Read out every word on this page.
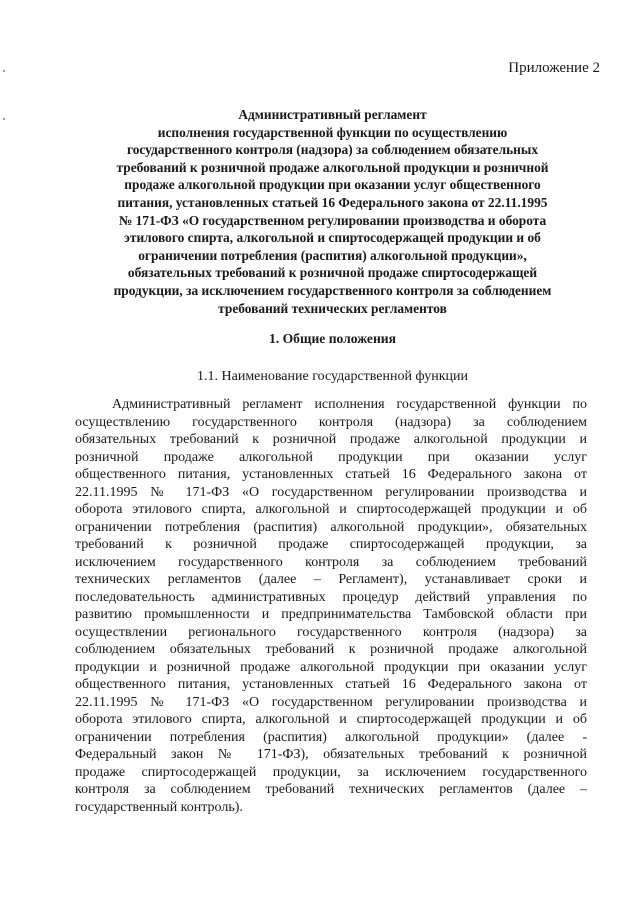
Приложение 2
Административный регламент
исполнения государственной функции по осуществлению
государственного контроля (надзора) за соблюдением обязательных
требований к розничной продаже алкогольной продукции и розничной
продаже алкогольной продукции при оказании услуг общественного
питания, установленных статьей 16 Федерального закона от 22.11.1995
№ 171-ФЗ «О государственном регулировании производства и оборота
этилового спирта, алкогольной и спиртосодержащей продукции и об
ограничении потребления (распития) алкогольной продукции»,
обязательных требований к розничной продаже спиртосодержащей
продукции, за исключением государственного контроля за соблюдением
требований технических регламентов
1. Общие положения
1.1. Наименование государственной функции
Административный регламент исполнения государственной функции по
осуществлению государственного контроля (надзора) за соблюдением
обязательных требований к розничной продаже алкогольной продукции и
розничной продаже алкогольной продукции при оказании услуг
общественного питания, установленных статьей 16 Федерального закона от
22.11.1995 № 171-ФЗ «О государственном регулировании производства и
оборота этилового спирта, алкогольной и спиртосодержащей продукции и об
ограничении потребления (распития) алкогольной продукции», обязательных
требований к розничной продаже спиртосодержащей продукции, за
исключением государственного контроля за соблюдением требований
технических регламентов (далее – Регламент), устанавливает сроки и
последовательность административных процедур действий управления по
развитию промышленности и предпринимательства Тамбовской области при
осуществлении регионального государственного контроля (надзора) за
соблюдением обязательных требований к розничной продаже алкогольной
продукции и розничной продаже алкогольной продукции при оказании услуг
общественного питания, установленных статьей 16 Федерального закона от
22.11.1995 № 171-ФЗ «О государственном регулировании производства и
оборота этилового спирта, алкогольной и спиртосодержащей продукции и об
ограничении потребления (распития) алкогольной продукции» (далее -
Федеральный закон № 171-ФЗ), обязательных требований к розничной
продаже спиртосодержащей продукции, за исключением государственного
контроля за соблюдением требований технических регламентов (далее –
государственный контроль).
